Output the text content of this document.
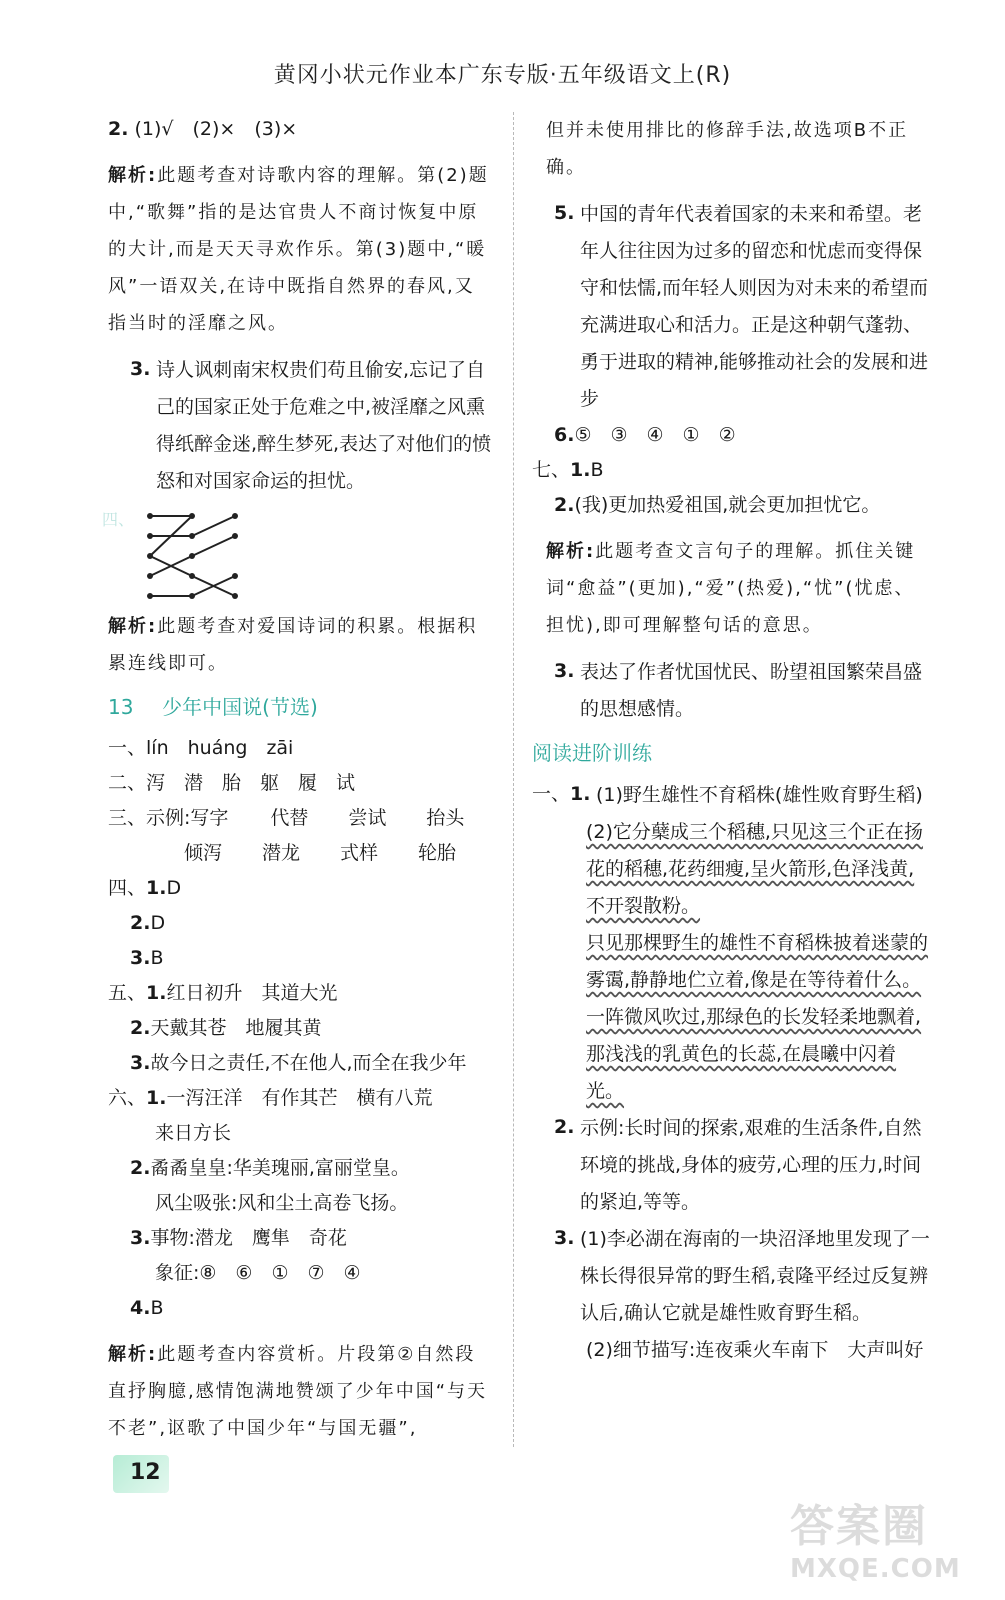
黄冈小状元作业本广东专版·五年级语文上(R)
2. (1)√　(2)×　(3)×
解析:此题考查对诗歌内容的理解。第(2)题中,“歌舞”指的是达官贵人不商讨恢复中原的大计,而是天天寻欢作乐。第(3)题中,“暖风”一语双关,在诗中既指自然界的春风,又指当时的淫靡之风。
3. 诗人讽刺南宋权贵们苟且偷安,忘记了自己的国家正处于危难之中,被淫靡之风熏得纸醉金迷,醉生梦死,表达了对他们的愤怒和对国家命运的担忧。
四、
解析:此题考查对爱国诗词的积累。根据积累连线即可。
13 少年中国说(节选)
一、lín　huáng　zāi
二、泻　潜　胎　躯　履　试
三、示例:写字 代替 尝试 抬头
倾泻 潜龙 式样 轮胎
四、1.D
2.D
3.B
五、1.红日初升　其道大光
2.天戴其苍　地履其黄
3.故今日之责任,不在他人,而全在我少年
六、1.一泻汪洋　有作其芒　横有八荒
来日方长
2.矞矞皇皇:华美瑰丽,富丽堂皇。
风尘吸张:风和尘土高卷飞扬。
3.事物:潜龙　鹰隼　奇花
象征:⑧　⑥　①　⑦　④
4.B
解析:此题考查内容赏析。片段第②自然段直抒胸臆,感情饱满地赞颂了少年中国“与天不老”,讴歌了中国少年“与国无疆”,
但并未使用排比的修辞手法,故选项B不正确。
5. 中国的青年代表着国家的未来和希望。老年人往往因为过多的留恋和忧虑而变得保守和怯懦,而年轻人则因为对未来的希望而充满进取心和活力。正是这种朝气蓬勃、勇于进取的精神,能够推动社会的发展和进步
6.⑤　③　④　①　②
七、1.B
2.(我)更加热爱祖国,就会更加担忧它。
解析:此题考查文言句子的理解。抓住关键词“愈益”(更加),“爱”(热爱),“忧”(忧虑、担忧),即可理解整句话的意思。
3. 表达了作者忧国忧民、盼望祖国繁荣昌盛的思想感情。
阅读进阶训练
一、 1. (1)野生雄性不育稻株(雄性败育野生稻)
(2)它分蘖成三个稻穗,只见这三个正在扬花的稻穗,花药细瘦,呈火箭形,色泽浅黄,不开裂散粉。
只见那棵野生的雄性不育稻株披着迷蒙的雾霭,静静地伫立着,像是在等待着什么。一阵微风吹过,那绿色的长发轻柔地飘着,那浅浅的乳黄色的长蕊,在晨曦中闪着光。
2. 示例:长时间的探索,艰难的生活条件,自然环境的挑战,身体的疲劳,心理的压力,时间的紧迫,等等。
3. (1)李必湖在海南的一块沼泽地里发现了一株长得很异常的野生稻,袁隆平经过反复辨认后,确认它就是雄性败育野生稻。
(2)细节描写:连夜乘火车南下　大声叫好
12
答案圈
MXQE.COM
